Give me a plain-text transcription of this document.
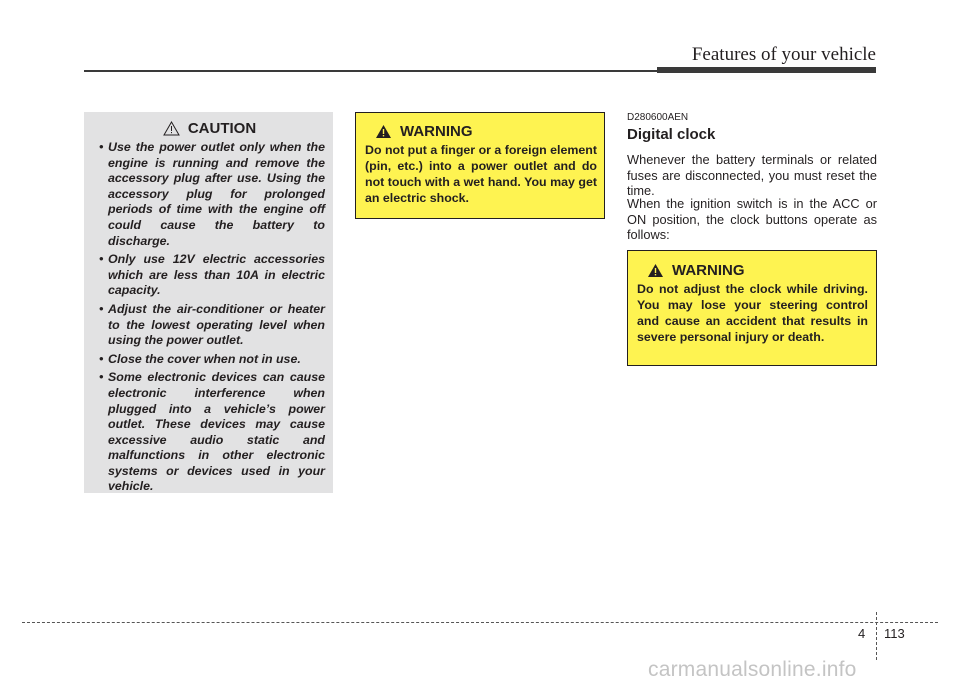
Features of your vehicle
CAUTION
• Use the power outlet only when the engine is running and remove the accessory plug after use. Using the accessory plug for prolonged periods of time with the engine off could cause the battery to discharge.
• Only use 12V electric accessories which are less than 10A in electric capacity.
• Adjust the air-conditioner or heater to the lowest operating level when using the power outlet.
• Close the cover when not in use.
• Some electronic devices can cause electronic interference when plugged into a vehicle’s power outlet. These devices may cause excessive audio static and malfunctions in other electronic systems or devices used in your vehicle.
WARNING

Do not put a finger or a foreign element (pin, etc.) into a power outlet and do not touch with a wet hand. You may get an electric shock.

D280600AEN
Digital clock

Whenever the battery terminals or related fuses are disconnected, you must reset the time.

When the ignition switch is in the ACC or ON position, the clock buttons operate as follows:

WARNING

Do not adjust the clock while driving. You may lose your steering control and cause an accident that results in severe personal injury or death.

4 113
carmanualsonline.info
